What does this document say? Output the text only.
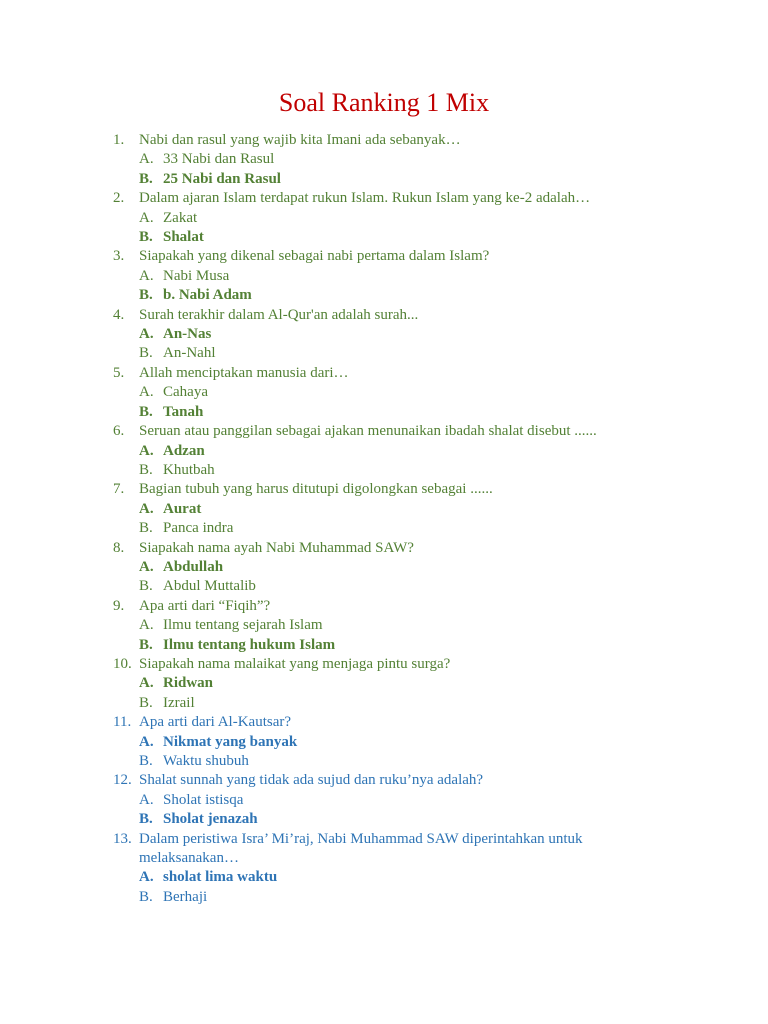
Soal Ranking 1 Mix
1. Nabi dan rasul yang wajib kita Imani ada sebanyak…
A. 33 Nabi dan Rasul
B. 25 Nabi dan Rasul
2. Dalam ajaran Islam terdapat rukun Islam. Rukun Islam yang ke-2 adalah…
A. Zakat
B. Shalat
3. Siapakah yang dikenal sebagai nabi pertama dalam Islam?
A. Nabi Musa
B. b. Nabi Adam
4. Surah terakhir dalam Al-Qur'an adalah surah...
A. An-Nas
B. An-Nahl
5. Allah menciptakan manusia dari…
A. Cahaya
B. Tanah
6. Seruan atau panggilan sebagai ajakan menunaikan ibadah shalat disebut ......
A. Adzan
B. Khutbah
7. Bagian tubuh yang harus ditutupi digolongkan sebagai ......
A. Aurat
B. Panca indra
8. Siapakah nama ayah Nabi Muhammad SAW?
A. Abdullah
B. Abdul Muttalib
9. Apa arti dari “Fiqih”?
A. Ilmu tentang sejarah Islam
B. Ilmu tentang hukum Islam
10. Siapakah nama malaikat yang menjaga pintu surga?
A. Ridwan
B. Izrail
11. Apa arti dari Al-Kautsar?
A. Nikmat yang banyak
B. Waktu shubuh
12. Shalat sunnah yang tidak ada sujud dan ruku’nya adalah?
A. Sholat istisqa
B. Sholat jenazah
13. Dalam peristiwa Isra’ Mi’raj, Nabi Muhammad SAW diperintahkan untuk melaksanakan…
A. sholat lima waktu
B. Berhaji
